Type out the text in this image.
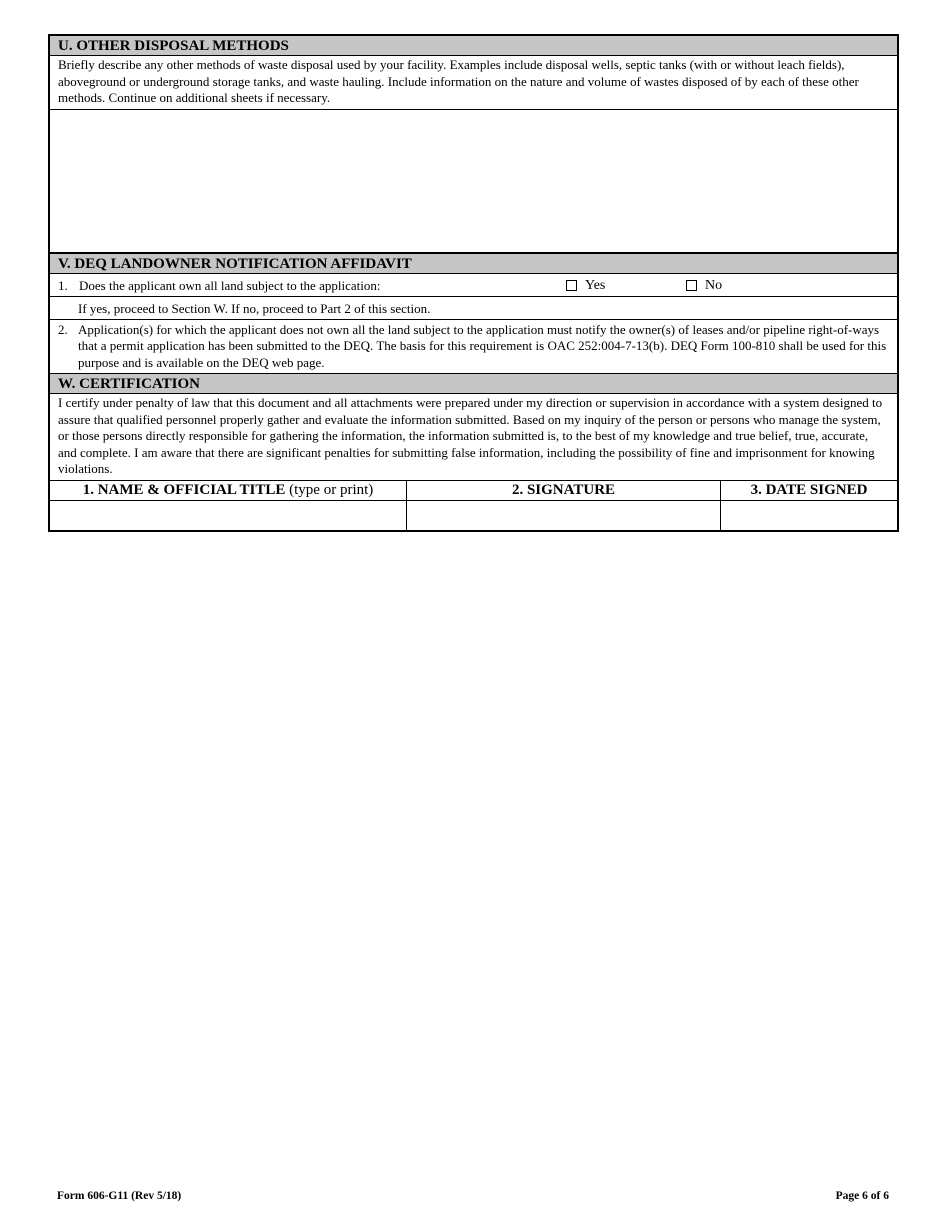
U. OTHER DISPOSAL METHODS
Briefly describe any other methods of waste disposal used by your facility. Examples include disposal wells, septic tanks (with or without leach fields), aboveground or underground storage tanks, and waste hauling. Include information on the nature and volume of wastes disposed of by each of these other methods. Continue on additional sheets if necessary.
V. DEQ LANDOWNER NOTIFICATION AFFIDAVIT
1. Does the applicant own all land subject to the application:	Yes	No
If yes, proceed to Section W. If no, proceed to Part 2 of this section.
2. Application(s) for which the applicant does not own all the land subject to the application must notify the owner(s) of leases and/or pipeline right-of-ways that a permit application has been submitted to the DEQ. The basis for this requirement is OAC 252:004-7-13(b). DEQ Form 100-810 shall be used for this purpose and is available on the DEQ web page.
W. CERTIFICATION
I certify under penalty of law that this document and all attachments were prepared under my direction or supervision in accordance with a system designed to assure that qualified personnel properly gather and evaluate the information submitted. Based on my inquiry of the person or persons who manage the system, or those persons directly responsible for gathering the information, the information submitted is, to the best of my knowledge and true belief, true, accurate, and complete. I am aware that there are significant penalties for submitting false information, including the possibility of fine and imprisonment for knowing violations.
1. NAME & OFFICIAL TITLE (type or print)	2. SIGNATURE	3. DATE SIGNED
Form 606-G11 (Rev 5/18)	Page 6 of 6
